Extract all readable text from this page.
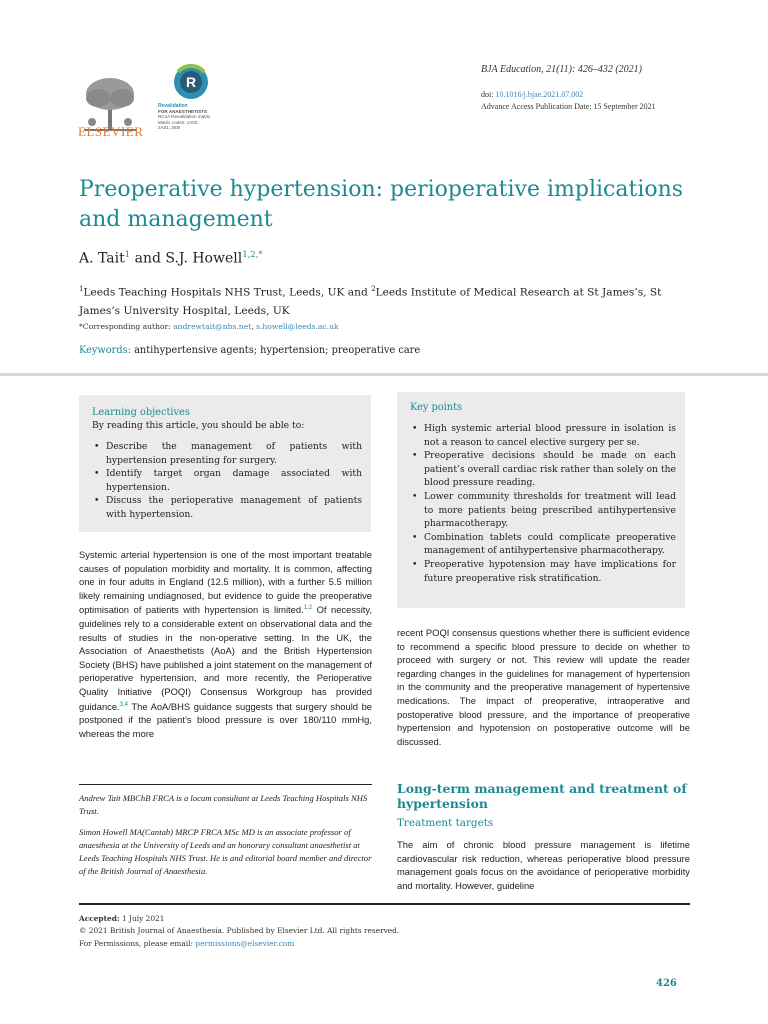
ELSEVIER
R
Revalidation
FOR ANAESTHETISTS
RCoA Revalidation matrix
Matrix codes: 1A02,
2A01, 3I00
BJA Education, 21(11): 426–432 (2021)
doi: 10.1016/j.bjae.2021.07.002
Advance Access Publication Date: 15 September 2021
Preoperative hypertension: perioperative implications and management
A. Tait$^1$ and S.J. Howell$^{1,2,*}$
$^1$Leeds Teaching Hospitals NHS Trust, Leeds, UK and $^2$Leeds Institute of Medical Research at St James’s, St James’s University Hospital, Leeds, UK
*Corresponding author: andrewtait@nhs.net, s.howell@leeds.ac.uk
Keywords: antihypertensive agents; hypertension; preoperative care
Learning objectives
By reading this article, you should be able to:
• Describe the management of patients with hypertension presenting for surgery.
• Identify target organ damage associated with hypertension.
• Discuss the perioperative management of patients with hypertension.
Key points
• High systemic arterial blood pressure in isolation is not a reason to cancel elective surgery per se.
• Preoperative decisions should be made on each patient’s overall cardiac risk rather than solely on the blood pressure reading.
• Lower community thresholds for treatment will lead to more patients being prescribed antihypertensive pharmacotherapy.
• Combination tablets could complicate preoperative management of antihypertensive pharmacotherapy.
• Preoperative hypotension may have implications for future preoperative risk stratification.

Systemic arterial hypertension is one of the most important treatable causes of population morbidity and mortality. It is common, affecting one in four adults in England (12.5 million), with a further 5.5 million likely remaining undiagnosed, but evidence to guide the preoperative optimisation of patients with hypertension is limited.$^{1,2}$ Of necessity, guidelines rely to a considerable extent on observational data and the results of studies in the non-operative setting. In the UK, the Association of Anaesthetists (AoA) and the British Hypertension Society (BHS) have published a joint statement on the management of perioperative hypertension, and more recently, the Perioperative Quality Initiative (POQI) Consensus Workgroup has provided guidance.$^{3,4}$ The AoA/BHS guidance suggests that surgery should be postponed if the patient’s blood pressure is over 180/110 mmHg, whereas the more

Andrew Tait MBChB FRCA is a locum consultant at Leeds Teaching Hospitals NHS Trust.

Simon Howell MA(Cantab) MRCP FRCA MSc MD is an associate professor of anaesthesia at the University of Leeds and an honorary consultant anaesthetist at Leeds Teaching Hospitals NHS Trust. He is and editorial board member and director of the British Journal of Anaesthesia.

recent POQI consensus questions whether there is sufficient evidence to recommend a specific blood pressure to decide on whether to proceed with surgery or not. This review will update the reader regarding changes in the guidelines for management of hypertension in the community and the preoperative management of hypertensive medications. The impact of preoperative, intraoperative and postoperative blood pressure, and the importance of preoperative hypertension and hypotension on postoperative outcome will be discussed.

Long-term management and treatment of hypertension
Treatment targets

The aim of chronic blood pressure management is lifetime cardiovascular risk reduction, whereas perioperative blood pressure management goals focus on the avoidance of perioperative morbidity and mortality. However, guideline

Accepted: 1 July 2021
© 2021 British Journal of Anaesthesia. Published by Elsevier Ltd. All rights reserved.
For Permissions, please email: permissions@elsevier.com
426
